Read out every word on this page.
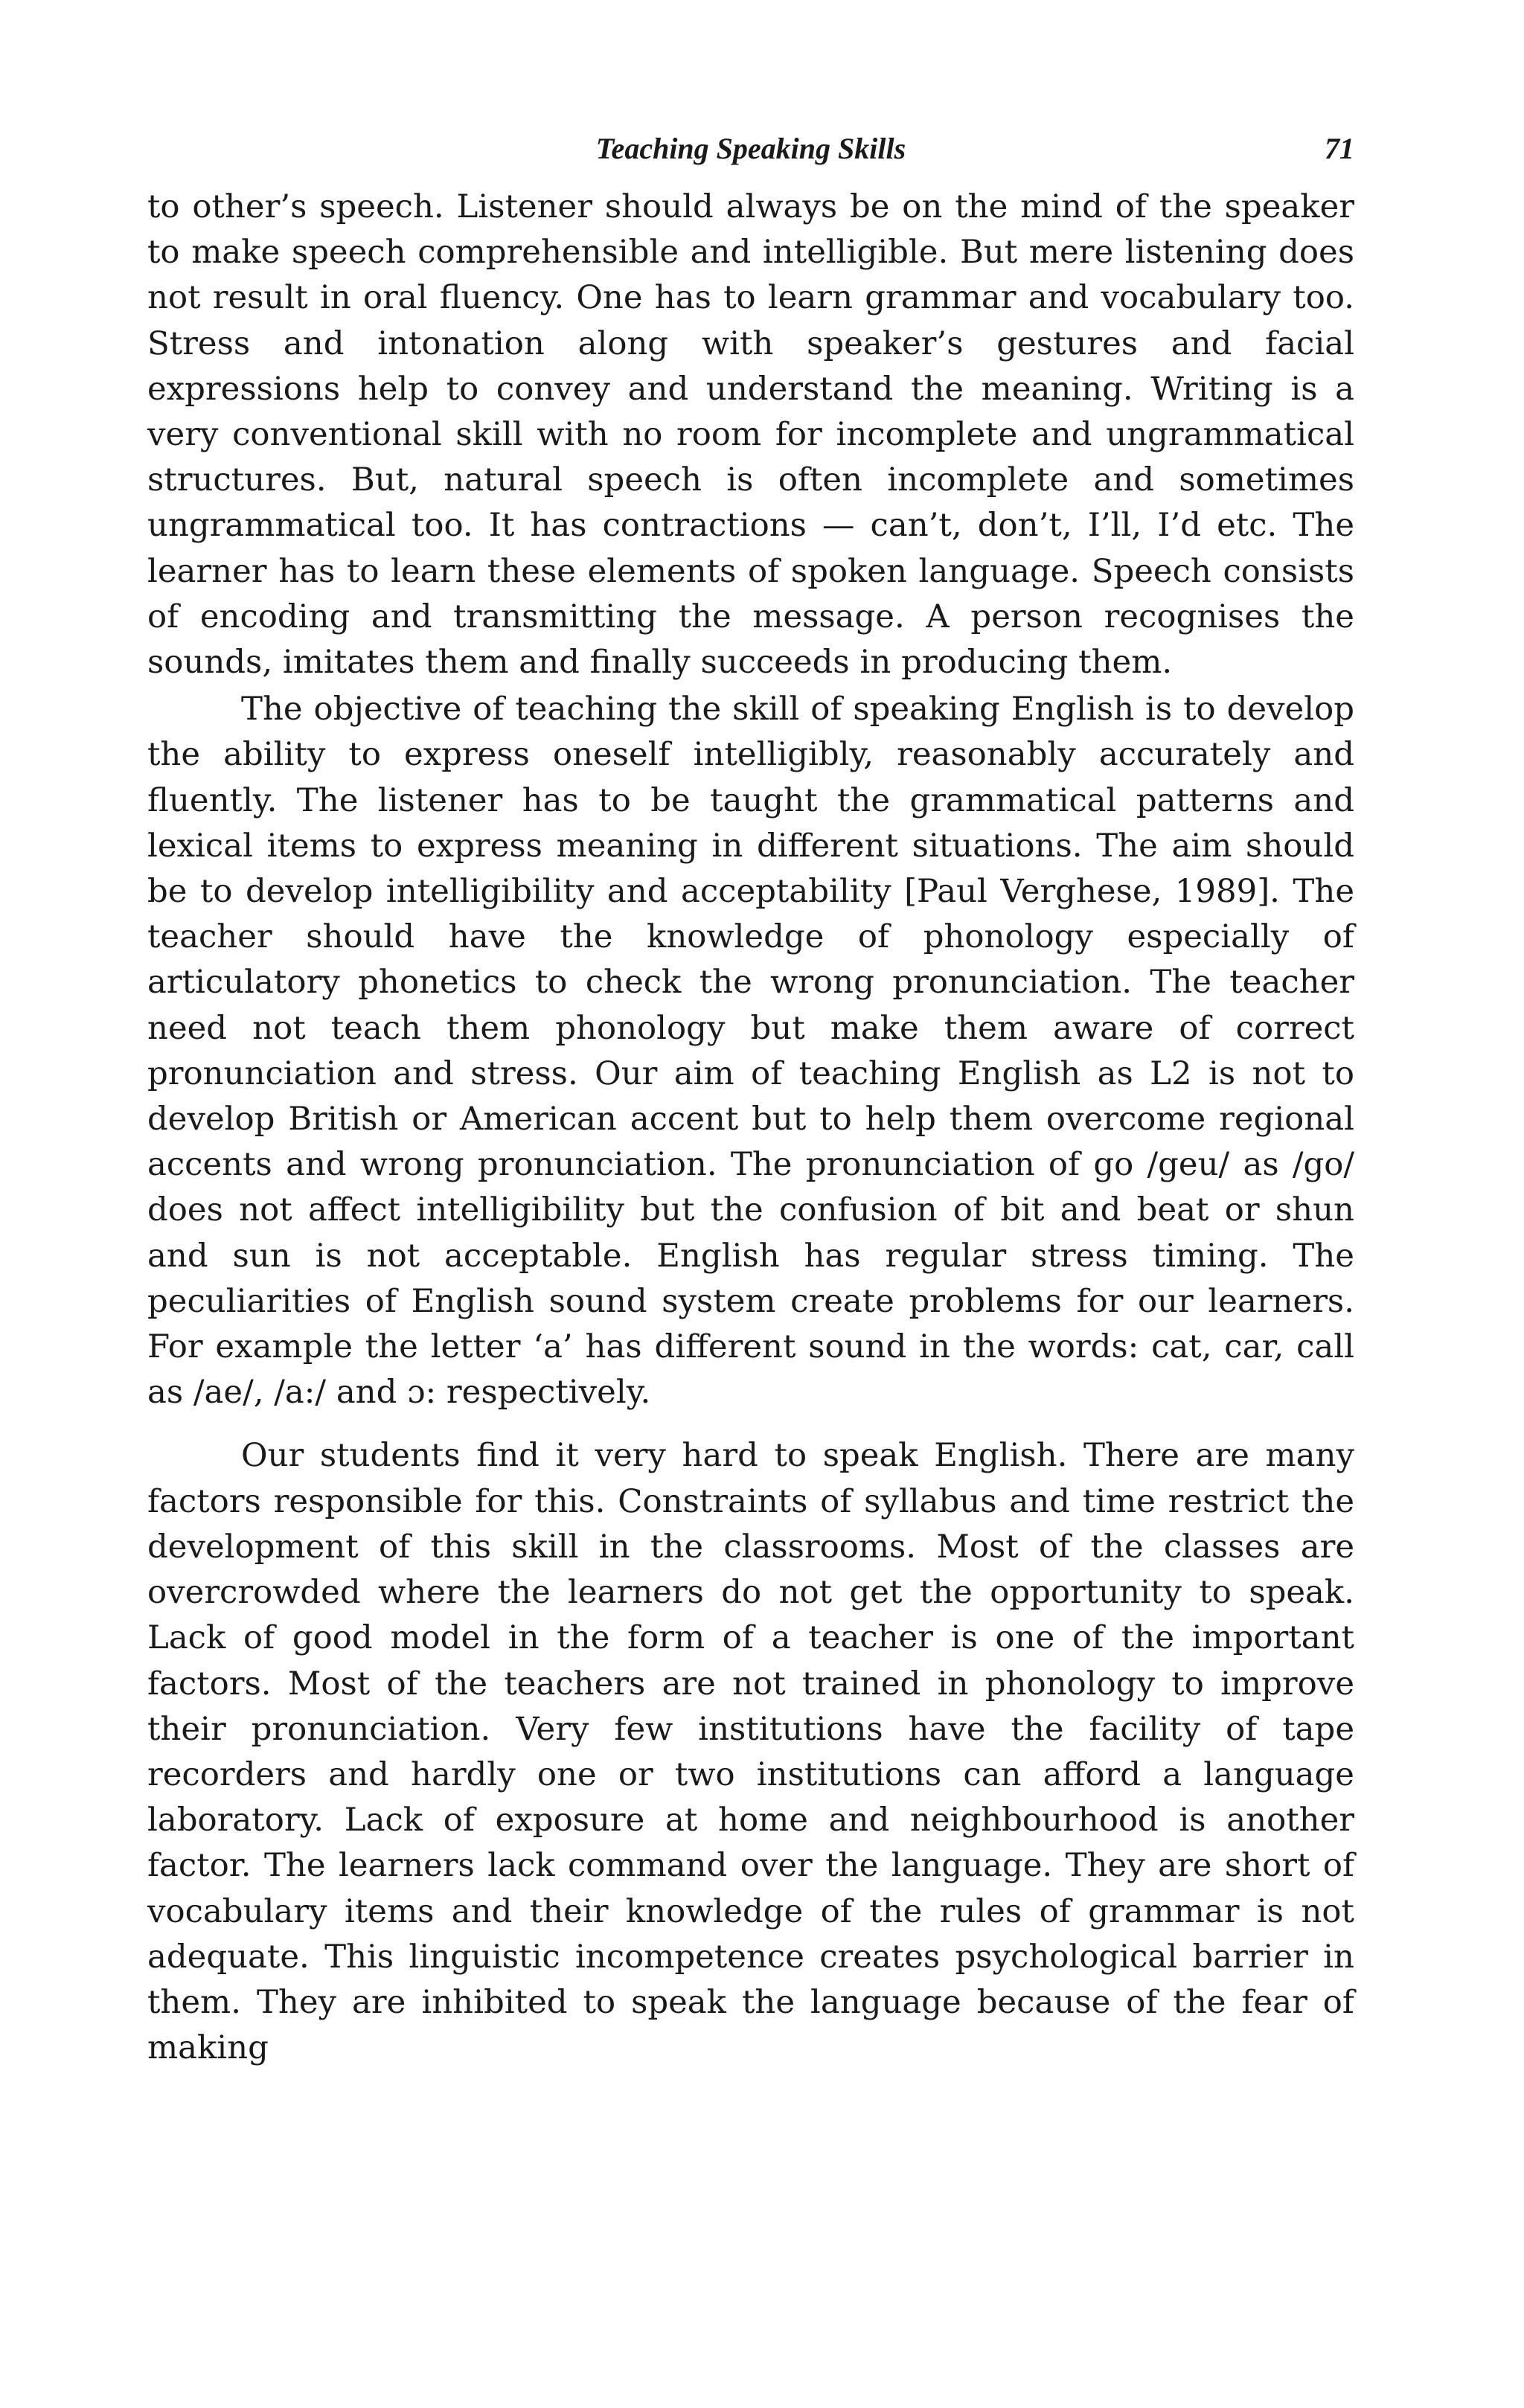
Teaching Speaking Skills	71

to other’s speech. Listener should always be on the mind of the speaker to make speech comprehensible and intelligible. But mere listening does not result in oral fluency. One has to learn grammar and vocabulary too. Stress and intonation along with speaker’s gestures and facial expressions help to convey and understand the meaning. Writing is a very conventional skill with no room for incomplete and ungrammatical structures. But, natural speech is often incomplete and sometimes ungrammatical too. It has contractions — can’t, don’t, I’ll, I’d etc. The learner has to learn these elements of spoken language. Speech consists of encoding and transmitting the message. A person recognises the sounds, imitates them and finally succeeds in producing them.

The objective of teaching the skill of speaking English is to develop the ability to express oneself intelligibly, reasonably accurately and fluently. The listener has to be taught the grammatical patterns and lexical items to express meaning in different situations. The aim should be to develop intelligibility and acceptability [Paul Verghese, 1989]. The teacher should have the knowledge of phonology especially of articulatory phonetics to check the wrong pronunciation. The teacher need not teach them phonology but make them aware of correct pronunciation and stress. Our aim of teaching English as L2 is not to develop British or American accent but to help them overcome regional accents and wrong pronunciation. The pronunciation of go /geu/ as /go/ does not affect intelligibility but the confusion of bit and beat or shun and sun is not acceptable. English has regular stress timing. The peculiarities of English sound system create problems for our learners. For example the letter ‘a’ has different sound in the words: cat, car, call as /ae/, /a:/ and ɔ: respectively.

Our students find it very hard to speak English. There are many factors responsible for this. Constraints of syllabus and time restrict the development of this skill in the classrooms. Most of the classes are overcrowded where the learners do not get the opportunity to speak. Lack of good model in the form of a teacher is one of the important factors. Most of the teachers are not trained in phonology to improve their pronunciation. Very few institutions have the facility of tape recorders and hardly one or two institutions can afford a language laboratory. Lack of exposure at home and neighbourhood is another factor. The learners lack command over the language. They are short of vocabulary items and their knowledge of the rules of grammar is not adequate. This linguistic incompetence creates psychological barrier in them. They are inhibited to speak the language because of the fear of making
